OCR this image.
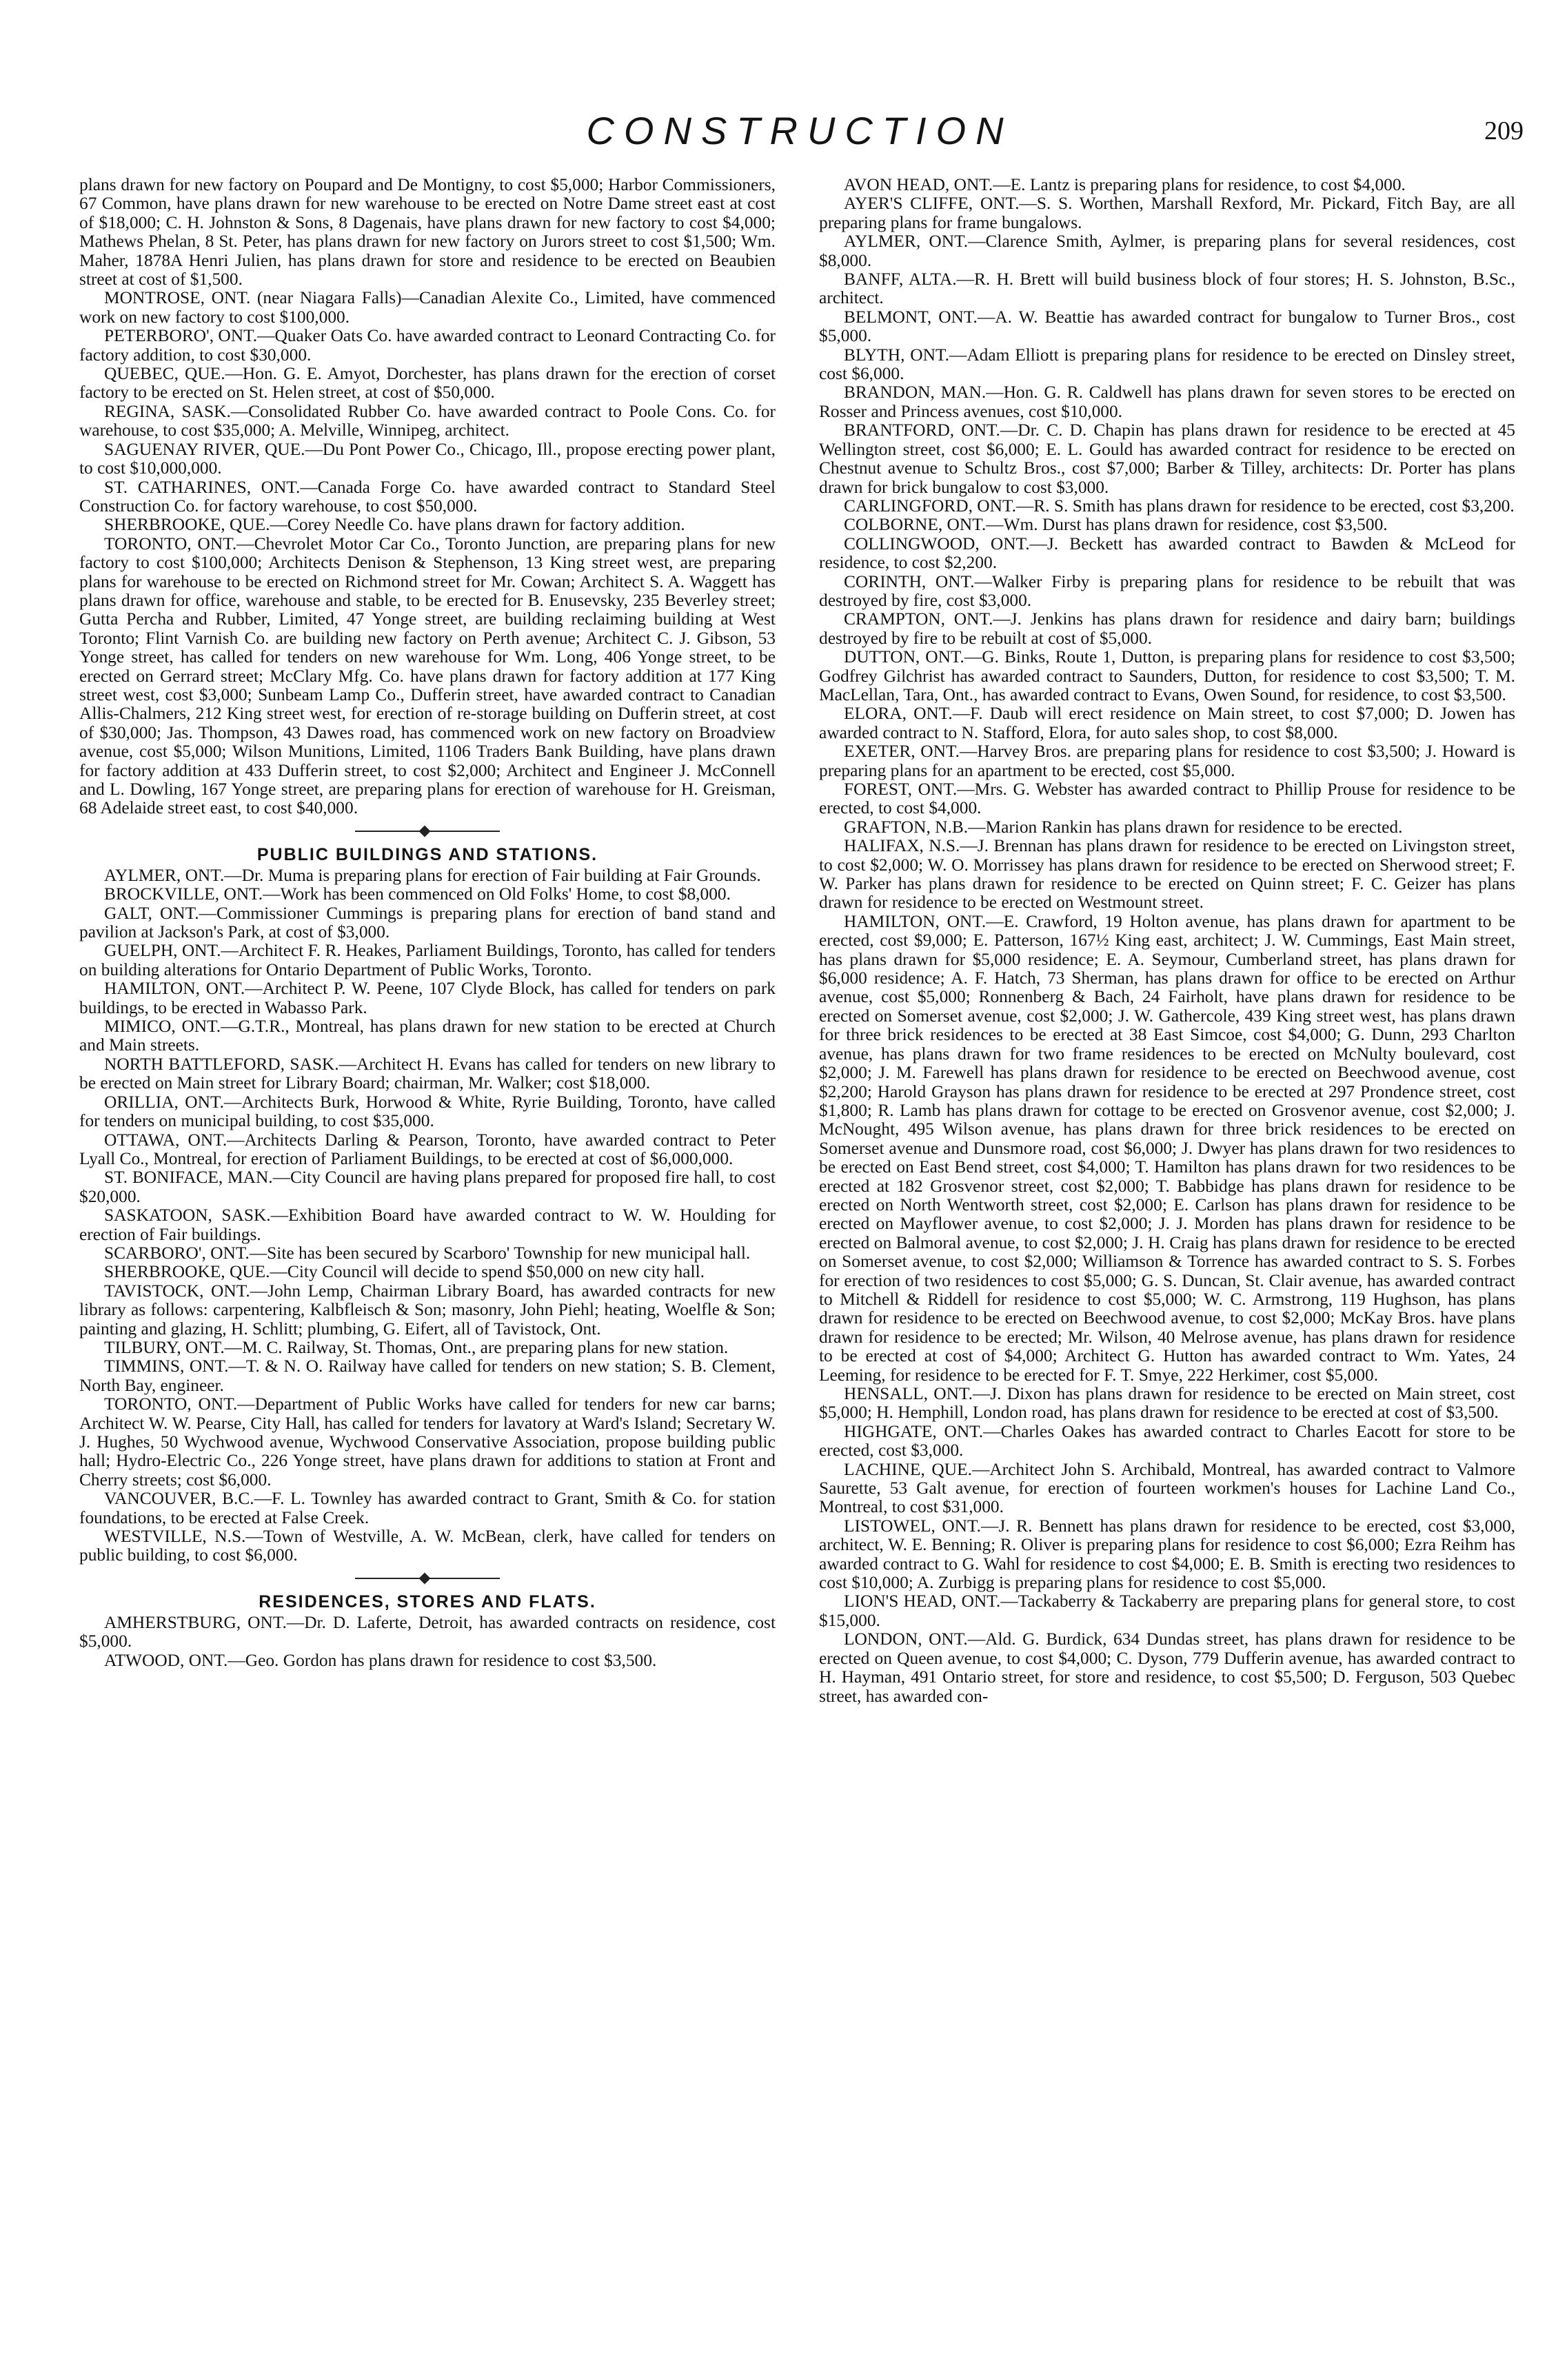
CONSTRUCTION	209

plans drawn for new factory on Poupard and De Montigny, to cost $5,000; Harbor Commissioners, 67 Common, have plans drawn for new warehouse to be erected on Notre Dame street east at cost of $18,000; C. H. Johnston & Sons, 8 Dagenais, have plans drawn for new factory to cost $4,000; Mathews Phelan, 8 St. Peter, has plans drawn for new factory on Jurors street to cost $1,500; Wm. Maher, 1878A Henri Julien, has plans drawn for store and residence to be erected on Beaubien street at cost of $1,500.

MONTROSE, ONT. (near Niagara Falls)—Canadian Alexite Co., Limited, have commenced work on new factory to cost $100,000.

PETERBORO', ONT.—Quaker Oats Co. have awarded contract to Leonard Contracting Co. for factory addition, to cost $30,000.

QUEBEC, QUE.—Hon. G. E. Amyot, Dorchester, has plans drawn for the erection of corset factory to be erected on St. Helen street, at cost of $50,000.

REGINA, SASK.—Consolidated Rubber Co. have awarded contract to Poole Cons. Co. for warehouse, to cost $35,000; A. Melville, Winnipeg, architect.

SAGUENAY RIVER, QUE.—Du Pont Power Co., Chicago, Ill., propose erecting power plant, to cost $10,000,000.

ST. CATHARINES, ONT.—Canada Forge Co. have awarded contract to Standard Steel Construction Co. for factory warehouse, to cost $50,000.

SHERBROOKE, QUE.—Corey Needle Co. have plans drawn for factory addition.

TORONTO, ONT.—Chevrolet Motor Car Co., Toronto Junction, are preparing plans for new factory to cost $100,000; Architects Denison & Stephenson, 13 King street west, are preparing plans for warehouse to be erected on Richmond street for Mr. Cowan; Architect S. A. Waggett has plans drawn for office, warehouse and stable, to be erected for B. Enusevsky, 235 Beverley street; Gutta Percha and Rubber, Limited, 47 Yonge street, are building reclaiming building at West Toronto; Flint Varnish Co. are building new factory on Perth avenue; Architect C. J. Gibson, 53 Yonge street, has called for tenders on new warehouse for Wm. Long, 406 Yonge street, to be erected on Gerrard street; McClary Mfg. Co. have plans drawn for factory addition at 177 King street west, cost $3,000; Sunbeam Lamp Co., Dufferin street, have awarded contract to Canadian Allis-Chalmers, 212 King street west, for erection of re-storage building on Dufferin street, at cost of $30,000; Jas. Thompson, 43 Dawes road, has commenced work on new factory on Broadview avenue, cost $5,000; Wilson Munitions, Limited, 1106 Traders Bank Building, have plans drawn for factory addition at 433 Dufferin street, to cost $2,000; Architect and Engineer J. McConnell and L. Dowling, 167 Yonge street, are preparing plans for erection of warehouse for H. Greisman, 68 Adelaide street east, to cost $40,000.

PUBLIC BUILDINGS AND STATIONS.

AYLMER, ONT.—Dr. Muma is preparing plans for erection of Fair building at Fair Grounds.

BROCKVILLE, ONT.—Work has been commenced on Old Folks' Home, to cost $8,000.

GALT, ONT.—Commissioner Cummings is preparing plans for erection of band stand and pavilion at Jackson's Park, at cost of $3,000.

GUELPH, ONT.—Architect F. R. Heakes, Parliament Buildings, Toronto, has called for tenders on building alterations for Ontario Department of Public Works, Toronto.

HAMILTON, ONT.—Architect P. W. Peene, 107 Clyde Block, has called for tenders on park buildings, to be erected in Wabasso Park.

MIMICO, ONT.—G.T.R., Montreal, has plans drawn for new station to be erected at Church and Main streets.

NORTH BATTLEFORD, SASK.—Architect H. Evans has called for tenders on new library to be erected on Main street for Library Board; chairman, Mr. Walker; cost $18,000.

ORILLIA, ONT.—Architects Burk, Horwood & White, Ryrie Building, Toronto, have called for tenders on municipal building, to cost $35,000.

OTTAWA, ONT.—Architects Darling & Pearson, Toronto, have awarded contract to Peter Lyall Co., Montreal, for erection of Parliament Buildings, to be erected at cost of $6,000,000.

ST. BONIFACE, MAN.—City Council are having plans prepared for proposed fire hall, to cost $20,000.

SASKATOON, SASK.—Exhibition Board have awarded contract to W. W. Houlding for erection of Fair buildings.

SCARBORO', ONT.—Site has been secured by Scarboro' Township for new municipal hall.

SHERBROOKE, QUE.—City Council will decide to spend $50,000 on new city hall.

TAVISTOCK, ONT.—John Lemp, Chairman Library Board, has awarded contracts for new library as follows: carpentering, Kalbfleisch & Son; masonry, John Piehl; heating, Woelfle & Son; painting and glazing, H. Schlitt; plumbing, G. Eifert, all of Tavistock, Ont.

TILBURY, ONT.—M. C. Railway, St. Thomas, Ont., are preparing plans for new station.

TIMMINS, ONT.—T. & N. O. Railway have called for tenders on new station; S. B. Clement, North Bay, engineer.

TORONTO, ONT.—Department of Public Works have called for tenders for new car barns; Architect W. W. Pearse, City Hall, has called for tenders for lavatory at Ward's Island; Secretary W. J. Hughes, 50 Wychwood avenue, Wychwood Conservative Association, propose building public hall; Hydro-Electric Co., 226 Yonge street, have plans drawn for additions to station at Front and Cherry streets; cost $6,000.

VANCOUVER, B.C.—F. L. Townley has awarded contract to Grant, Smith & Co. for station foundations, to be erected at False Creek.

WESTVILLE, N.S.—Town of Westville, A. W. McBean, clerk, have called for tenders on public building, to cost $6,000.

RESIDENCES, STORES AND FLATS.

AMHERSTBURG, ONT.—Dr. D. Laferte, Detroit, has awarded contracts on residence, cost $5,000.

ATWOOD, ONT.—Geo. Gordon has plans drawn for residence to cost $3,500.

AVON HEAD, ONT.—E. Lantz is preparing plans for residence, to cost $4,000.

AYER'S CLIFFE, ONT.—S. S. Worthen, Marshall Rexford, Mr. Pickard, Fitch Bay, are all preparing plans for frame bungalows.

AYLMER, ONT.—Clarence Smith, Aylmer, is preparing plans for several residences, cost $8,000.

BANFF, ALTA.—R. H. Brett will build business block of four stores; H. S. Johnston, B.Sc., architect.

BELMONT, ONT.—A. W. Beattie has awarded contract for bungalow to Turner Bros., cost $5,000.

BLYTH, ONT.—Adam Elliott is preparing plans for residence to be erected on Dinsley street, cost $6,000.

BRANDON, MAN.—Hon. G. R. Caldwell has plans drawn for seven stores to be erected on Rosser and Princess avenues, cost $10,000.

BRANTFORD, ONT.—Dr. C. D. Chapin has plans drawn for residence to be erected at 45 Wellington street, cost $6,000; E. L. Gould has awarded contract for residence to be erected on Chestnut avenue to Schultz Bros., cost $7,000; Barber & Tilley, architects: Dr. Porter has plans drawn for brick bungalow to cost $3,000.

CARLINGFORD, ONT.—R. S. Smith has plans drawn for residence to be erected, cost $3,200.

COLBORNE, ONT.—Wm. Durst has plans drawn for residence, cost $3,500.

COLLINGWOOD, ONT.—J. Beckett has awarded contract to Bawden & McLeod for residence, to cost $2,200.

CORINTH, ONT.—Walker Firby is preparing plans for residence to be rebuilt that was destroyed by fire, cost $3,000.

CRAMPTON, ONT.—J. Jenkins has plans drawn for residence and dairy barn; buildings destroyed by fire to be rebuilt at cost of $5,000.

DUTTON, ONT.—G. Binks, Route 1, Dutton, is preparing plans for residence to cost $3,500; Godfrey Gilchrist has awarded contract to Saunders, Dutton, for residence to cost $3,500; T. M. MacLellan, Tara, Ont., has awarded contract to Evans, Owen Sound, for residence, to cost $3,500.

ELORA, ONT.—F. Daub will erect residence on Main street, to cost $7,000; D. Jowen has awarded contract to N. Stafford, Elora, for auto sales shop, to cost $8,000.

EXETER, ONT.—Harvey Bros. are preparing plans for residence to cost $3,500; J. Howard is preparing plans for an apartment to be erected, cost $5,000.

FOREST, ONT.—Mrs. G. Webster has awarded contract to Phillip Prouse for residence to be erected, to cost $4,000.

GRAFTON, N.B.—Marion Rankin has plans drawn for residence to be erected.

HALIFAX, N.S.—J. Brennan has plans drawn for residence to be erected on Livingston street, to cost $2,000; W. O. Morrissey has plans drawn for residence to be erected on Sherwood street; F. W. Parker has plans drawn for residence to be erected on Quinn street; F. C. Geizer has plans drawn for residence to be erected on Westmount street.

HAMILTON, ONT.—E. Crawford, 19 Holton avenue, has plans drawn for apartment to be erected, cost $9,000; E. Patterson, 167½ King east, architect; J. W. Cummings, East Main street, has plans drawn for $5,000 residence; E. A. Seymour, Cumberland street, has plans drawn for $6,000 residence; A. F. Hatch, 73 Sherman, has plans drawn for office to be erected on Arthur avenue, cost $5,000; Ronnenberg & Bach, 24 Fairholt, have plans drawn for residence to be erected on Somerset avenue, cost $2,000; J. W. Gathercole, 439 King street west, has plans drawn for three brick residences to be erected at 38 East Simcoe, cost $4,000; G. Dunn, 293 Charlton avenue, has plans drawn for two frame residences to be erected on McNulty boulevard, cost $2,000; J. M. Farewell has plans drawn for residence to be erected on Beechwood avenue, cost $2,200; Harold Grayson has plans drawn for residence to be erected at 297 Prondence street, cost $1,800; R. Lamb has plans drawn for cottage to be erected on Grosvenor avenue, cost $2,000; J. McNought, 495 Wilson avenue, has plans drawn for three brick residences to be erected on Somerset avenue and Dunsmore road, cost $6,000; J. Dwyer has plans drawn for two residences to be erected on East Bend street, cost $4,000; T. Hamilton has plans drawn for two residences to be erected at 182 Grosvenor street, cost $2,000; T. Babbidge has plans drawn for residence to be erected on North Wentworth street, cost $2,000; E. Carlson has plans drawn for residence to be erected on Mayflower avenue, to cost $2,000; J. J. Morden has plans drawn for residence to be erected on Balmoral avenue, to cost $2,000; J. H. Craig has plans drawn for residence to be erected on Somerset avenue, to cost $2,000; Williamson & Torrence has awarded contract to S. S. Forbes for erection of two residences to cost $5,000; G. S. Duncan, St. Clair avenue, has awarded contract to Mitchell & Riddell for residence to cost $5,000; W. C. Armstrong, 119 Hughson, has plans drawn for residence to be erected on Beechwood avenue, to cost $2,000; McKay Bros. have plans drawn for residence to be erected; Mr. Wilson, 40 Melrose avenue, has plans drawn for residence to be erected at cost of $4,000; Architect G. Hutton has awarded contract to Wm. Yates, 24 Leeming, for residence to be erected for F. T. Smye, 222 Herkimer, cost $5,000.

HENSALL, ONT.—J. Dixon has plans drawn for residence to be erected on Main street, cost $5,000; H. Hemphill, London road, has plans drawn for residence to be erected at cost of $3,500.

HIGHGATE, ONT.—Charles Oakes has awarded contract to Charles Eacott for store to be erected, cost $3,000.

LACHINE, QUE.—Architect John S. Archibald, Montreal, has awarded contract to Valmore Saurette, 53 Galt avenue, for erection of fourteen workmen's houses for Lachine Land Co., Montreal, to cost $31,000.

LISTOWEL, ONT.—J. R. Bennett has plans drawn for residence to be erected, cost $3,000, architect, W. E. Benning; R. Oliver is preparing plans for residence to cost $6,000; Ezra Reihm has awarded contract to G. Wahl for residence to cost $4,000; E. B. Smith is erecting two residences to cost $10,000; A. Zurbigg is preparing plans for residence to cost $5,000.

LION'S HEAD, ONT.—Tackaberry & Tackaberry are preparing plans for general store, to cost $15,000.

LONDON, ONT.—Ald. G. Burdick, 634 Dundas street, has plans drawn for residence to be erected on Queen avenue, to cost $4,000; C. Dyson, 779 Dufferin avenue, has awarded contract to H. Hayman, 491 Ontario street, for store and residence, to cost $5,500; D. Ferguson, 503 Quebec street, has awarded con-
